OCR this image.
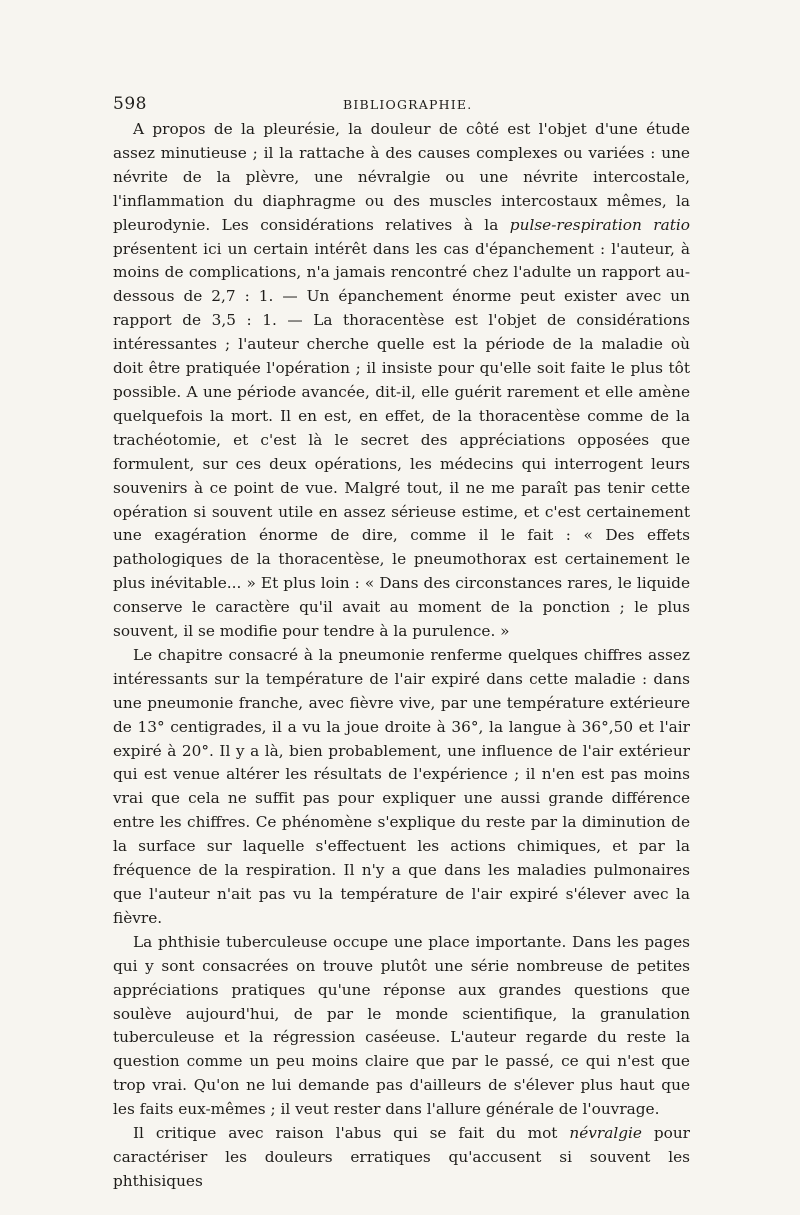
598	BIBLIOGRAPHIE.

A propos de la pleurésie, la douleur de côté est l'objet d'une étude assez minutieuse ; il la rattache à des causes complexes ou variées : une névrite de la plèvre, une névralgie ou une névrite intercostale, l'inflammation du diaphragme ou des muscles intercostaux mêmes, la pleurodynie. Les considérations relatives à la pulse-respiration ratio présentent ici un certain intérêt dans les cas d'épanchement : l'auteur, à moins de complications, n'a jamais rencontré chez l'adulte un rapport au-dessous de 2,7 : 1. — Un épanchement énorme peut exister avec un rapport de 3,5 : 1. — La thoracentèse est l'objet de considérations intéressantes ; l'auteur cherche quelle est la période de la maladie où doit être pratiquée l'opération ; il insiste pour qu'elle soit faite le plus tôt possible. A une période avancée, dit-il, elle guérit rarement et elle amène quelquefois la mort. Il en est, en effet, de la thoracentèse comme de la trachéotomie, et c'est là le secret des appréciations opposées que formulent, sur ces deux opérations, les médecins qui interrogent leurs souvenirs à ce point de vue. Malgré tout, il ne me paraît pas tenir cette opération si souvent utile en assez sérieuse estime, et c'est certainement une exagération énorme de dire, comme il le fait : « Des effets pathologiques de la thoracentèse, le pneumothorax est certainement le plus inévitable... » Et plus loin : « Dans des circonstances rares, le liquide conserve le caractère qu'il avait au moment de la ponction ; le plus souvent, il se modifie pour tendre à la purulence. »

Le chapitre consacré à la pneumonie renferme quelques chiffres assez intéressants sur la température de l'air expiré dans cette maladie : dans une pneumonie franche, avec fièvre vive, par une température extérieure de 13° centigrades, il a vu la joue droite à 36°, la langue à 36°,50 et l'air expiré à 20°. Il y a là, bien probablement, une influence de l'air extérieur qui est venue altérer les résultats de l'expérience ; il n'en est pas moins vrai que cela ne suffit pas pour expliquer une aussi grande différence entre les chiffres. Ce phénomène s'explique du reste par la diminution de la surface sur laquelle s'effectuent les actions chimiques, et par la fréquence de la respiration. Il n'y a que dans les maladies pulmonaires que l'auteur n'ait pas vu la température de l'air expiré s'élever avec la fièvre.

La phthisie tuberculeuse occupe une place importante. Dans les pages qui y sont consacrées on trouve plutôt une série nombreuse de petites appréciations pratiques qu'une réponse aux grandes questions que soulève aujourd'hui, de par le monde scientifique, la granulation tuberculeuse et la régression caséeuse. L'auteur regarde du reste la question comme un peu moins claire que par le passé, ce qui n'est que trop vrai. Qu'on ne lui demande pas d'ailleurs de s'élever plus haut que les faits eux-mêmes ; il veut rester dans l'allure générale de l'ouvrage.

Il critique avec raison l'abus qui se fait du mot névralgie pour caractériser les douleurs erratiques qu'accusent si souvent les phthisiques
